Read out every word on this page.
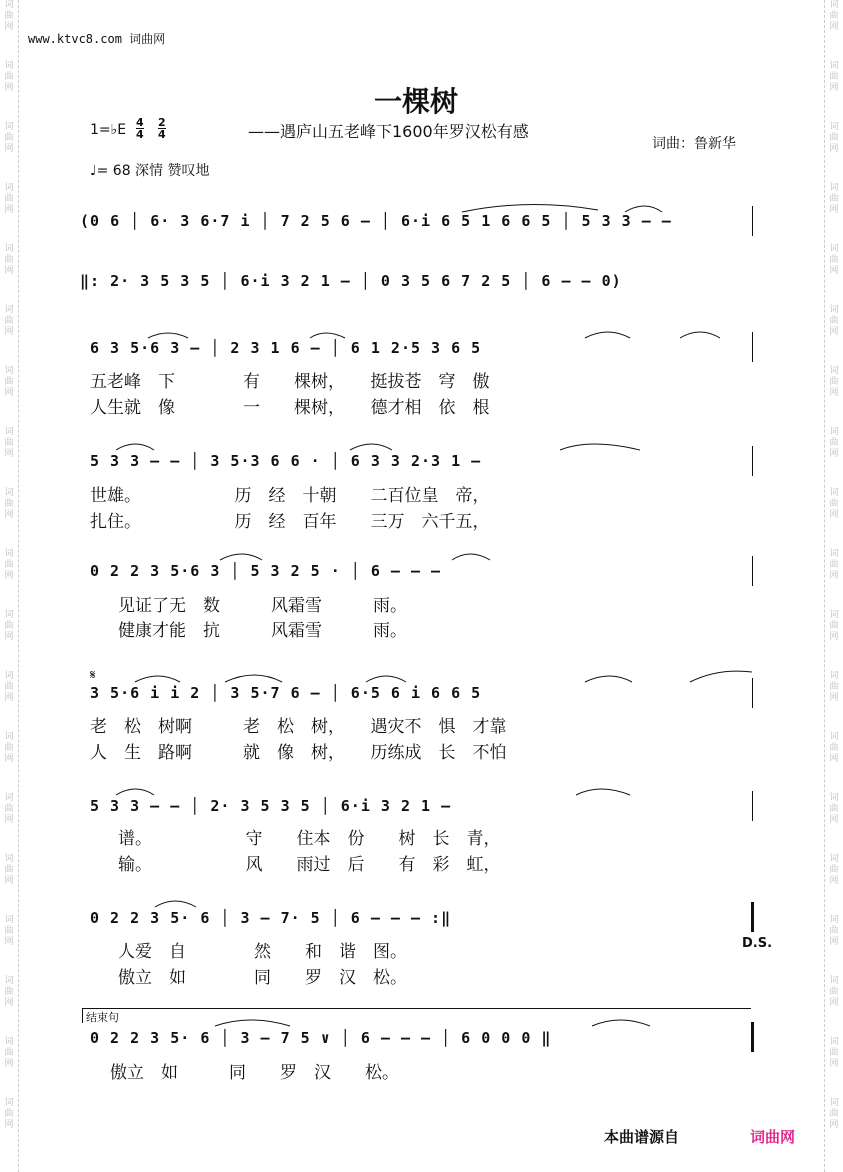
词
曲
网
词
曲
网
词
曲
网
词
曲
网
词
曲
网
词
曲
网
词
曲
网
词
曲
网
词
曲
网
词
曲
网
词
曲
网
词
曲
网
词
曲
网
词
曲
网
词
曲
网
词
曲
网
词
曲
网
词
曲
网
词
曲
网
词
曲
网
词
曲
网
词
曲
网
词
曲
网
词
曲
网
词
曲
网
词
曲
网
词
曲
网
词
曲
网
词
曲
网
词
曲
网
词
曲
网
词
曲
网
词
曲
网
词
曲
网
词
曲
网
词
曲
网
词
曲
网
词
曲
网
www.ktvc8.com 词曲网
一棵树
——遇庐山五老峰下1600年罗汉松有感
1=♭E 4
4
2
4
词曲：鲁新华
♩= 68 深情 赞叹地
(0 6 │ 6· 3 6·7 i │ 7 2 5 6 – │ 6·i 6 5 1 6 6 5 │ 5 3 3 – –
‖: 2· 3 5 3 5 │ 6·i 3 2 1 – │ 0 3 5 6 7 2 5 │ 6 – – 0)
6 3 5·6 3 – │ 2 3 1 6 – │ 6 1 2·5 3 6 5
五老峰　下　　　　有　　棵树，　　挺拔苍　穹　傲
人生就　像　　　　一　　棵树，　　德才相　依　根
5 3 3 – – │ 3 5·3 6 6 · │ 6 3 3 2·3 1 –
世雄。　　　　　　历　经　十朝　　二百位皇　帝，
扎住。　　　　　　历　经　百年　　三万　六千五，
0 2 2 3 5·6 3 │ 5 3 2 5 · │ 6 – – –
见证了无　数　　　风霜雪　　　雨。
健康才能　抗　　　风霜雪　　　雨。
𝄋
3 5·6 i i 2 │ 3 5·7 6 – │ 6·5 6 i 6 6 5
老　松　树啊　　　老　松　树，　　遇灾不　惧　才靠
人　生　路啊　　　就　像　树，　　历练成　长　不怕
5 3 3 – – │ 2· 3 5 3 5 │ 6·i 3 2 1 –
谱。　　　　　　守　　住本　份　　树　长　青，
输。　　　　　　风　　雨过　后　　有　彩　虹，
0 2 2 3 5· 6 │ 3 – 7· 5 │ 6 – – – :‖
D.S.
人爱　自　　　　然　　和　谐　图。
傲立　如　　　　同　　罗　汉　松。
结束句
0 2 2 3 5· 6 │ 3 – 7 5 ∨ │ 6 – – – │ 6 0 0 0 ‖
傲立　如　　　同　　罗　汉　　松。
本曲谱源自	词曲网
